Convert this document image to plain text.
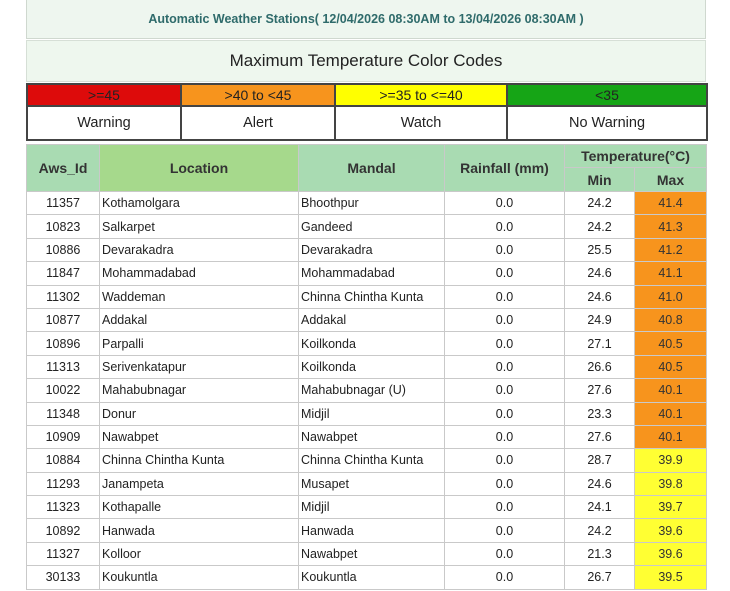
Automatic Weather Stations( 12/04/2026 08:30AM to 13/04/2026 08:30AM )
Maximum Temperature Color Codes
>=45	>40 to <45	>=35 to <=40	<35
Warning	Alert	Watch	No Warning
Aws_Id	Location	Mandal	Rainfall (mm)	Temperature(°C)	
				Min	Max
11357	Kothamolgara	Bhoothpur	0.0	24.2	41.4
10823	Salkarpet	Gandeed	0.0	24.2	41.3
10886	Devarakadra	Devarakadra	0.0	25.5	41.2
11847	Mohammadabad	Mohammadabad	0.0	24.6	41.1
11302	Waddeman	Chinna Chintha Kunta	0.0	24.6	41.0
10877	Addakal	Addakal	0.0	24.9	40.8
10896	Parpalli	Koilkonda	0.0	27.1	40.5
11313	Serivenkatapur	Koilkonda	0.0	26.6	40.5
10022	Mahabubnagar	Mahabubnagar (U)	0.0	27.6	40.1
11348	Donur	Midjil	0.0	23.3	40.1
10909	Nawabpet	Nawabpet	0.0	27.6	40.1
10884	Chinna Chintha Kunta	Chinna Chintha Kunta	0.0	28.7	39.9
11293	Janampeta	Musapet	0.0	24.6	39.8
11323	Kothapalle	Midjil	0.0	24.1	39.7
10892	Hanwada	Hanwada	0.0	24.2	39.6
11327	Kolloor	Nawabpet	0.0	21.3	39.6
30133	Koukuntla	Koukuntla	0.0	26.7	39.5
